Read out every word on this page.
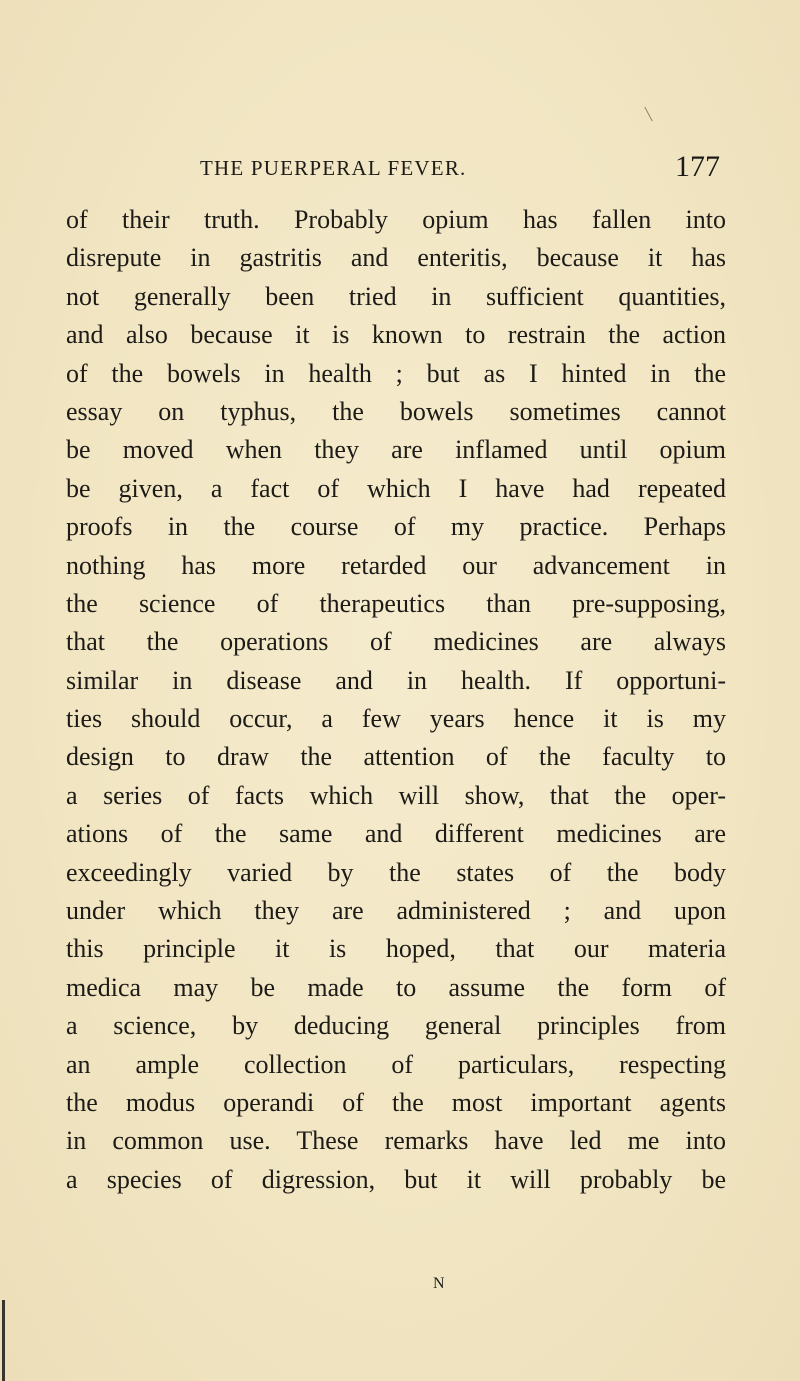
THE PUERPERAL FEVER.	177
of their truth. Probably opium has fallen into
disrepute in gastritis and enteritis, because it has
not generally been tried in sufficient quantities,
and also because it is known to restrain the action
of the bowels in health ; but as I hinted in the
essay on typhus, the bowels sometimes cannot
be moved when they are inflamed until opium
be given, a fact of which I have had repeated
proofs in the course of my practice. Perhaps
nothing has more retarded our advancement in
the science of therapeutics than pre-supposing,
that the operations of medicines are always
similar in disease and in health. If opportuni-
ties should occur, a few years hence it is my
design to draw the attention of the faculty to
a series of facts which will show, that the oper-
ations of the same and different medicines are
exceedingly varied by the states of the body
under which they are administered ; and upon
this principle it is hoped, that our materia
medica may be made to assume the form of
a science, by deducing general principles from
an ample collection of particulars, respecting
the modus operandi of the most important agents
in common use. These remarks have led me into
a species of digression, but it will probably be
N
